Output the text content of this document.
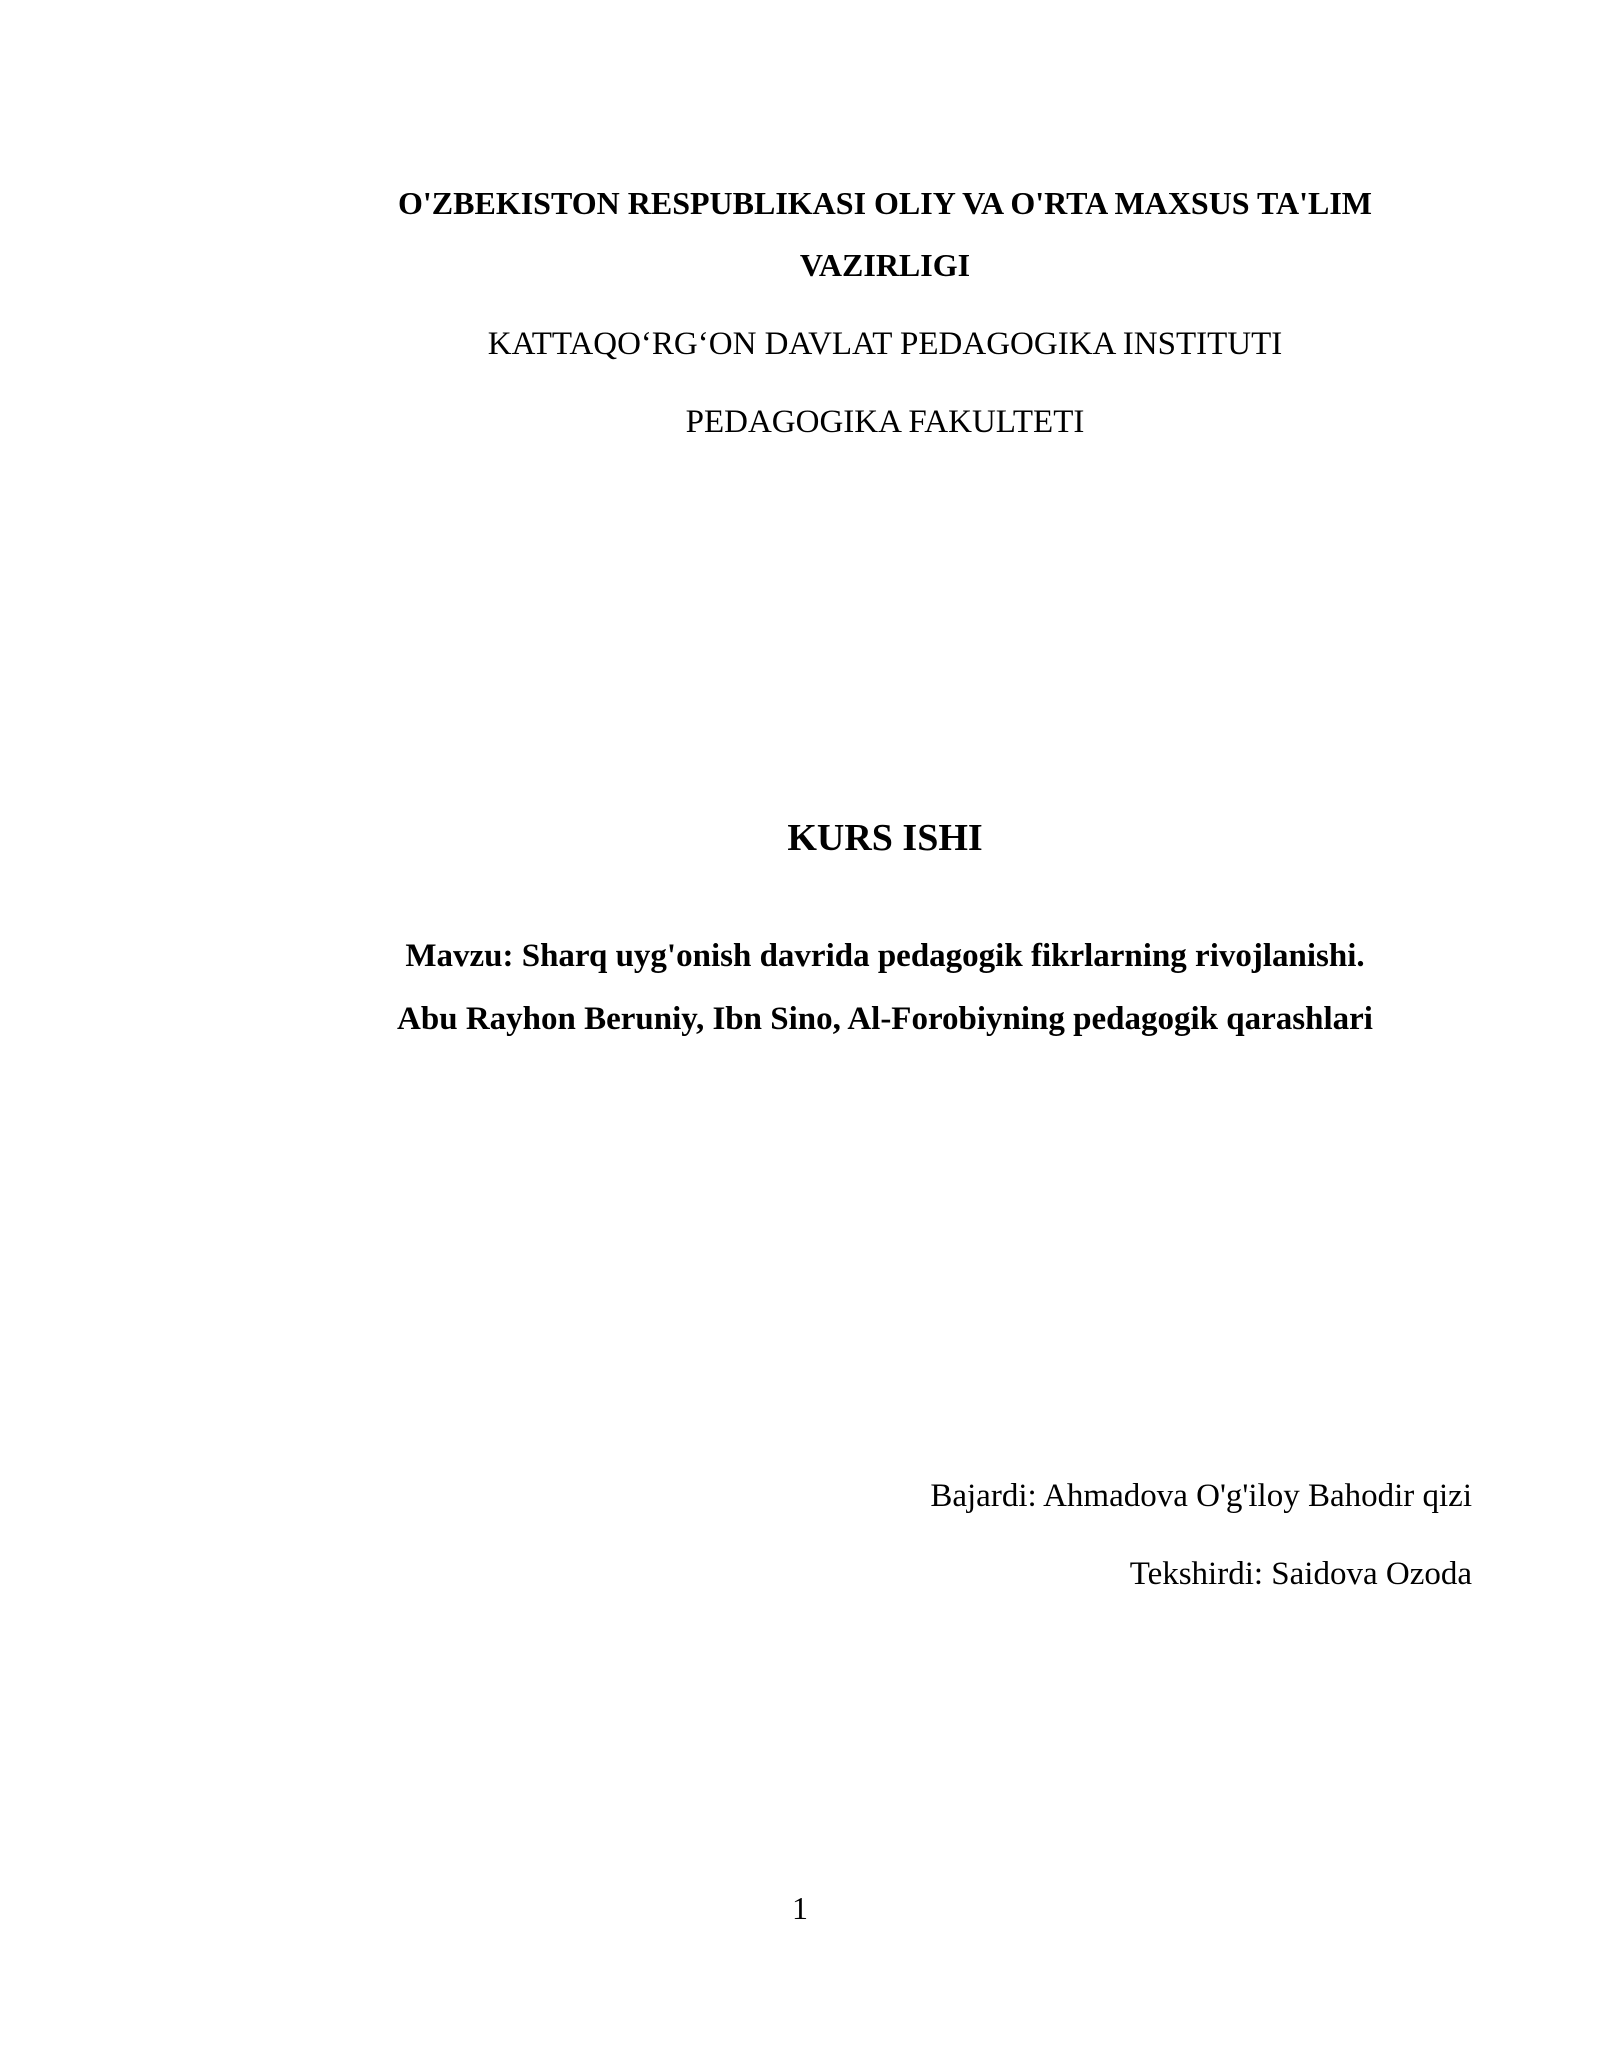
O'ZBEKISTON RESPUBLIKASI OLIY VA O'RTA MAXSUS TA'LIM
VAZIRLIGI
KATTAQO‘RG‘ON DAVLAT PEDAGOGIKA INSTITUTI
PEDAGOGIKA FAKULTETI
KURS ISHI
Mavzu: Sharq uyg'onish davrida pedagogik fikrlarning rivojlanishi.
Abu Rayhon Beruniy, Ibn Sino, Al-Forobiyning pedagogik qarashlari
Bajardi: Ahmadova O'g'iloy Bahodir qizi
Tekshirdi: Saidova Ozoda
1
